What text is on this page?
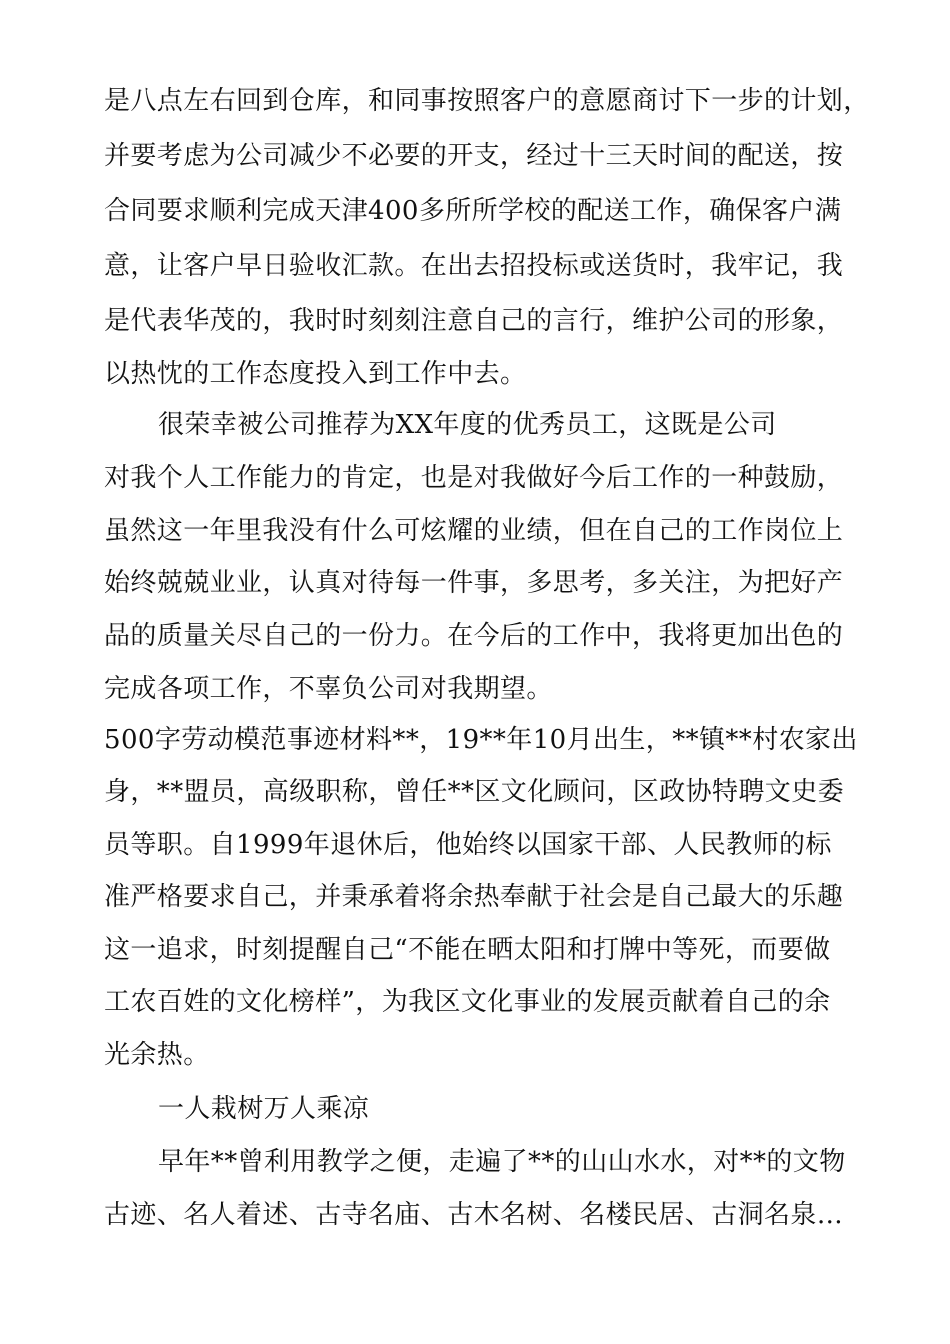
是八点左右回到仓库，和同事按照客户的意愿商讨下一步的计划，
并要考虑为公司减少不必要的开支，经过十三天时间的配送，按
合同要求顺利完成天津400多所所学校的配送工作，确保客户满
意，让客户早日验收汇款。在出去招投标或送货时，我牢记，我
是代表华茂的，我时时刻刻注意自己的言行，维护公司的形象，
以热忱的工作态度投入到工作中去。
很荣幸被公司推荐为XX年度的优秀员工，这既是公司
对我个人工作能力的肯定，也是对我做好今后工作的一种鼓励，
虽然这一年里我没有什么可炫耀的业绩，但在自己的工作岗位上
始终兢兢业业，认真对待每一件事，多思考，多关注，为把好产
品的质量关尽自己的一份力。在今后的工作中，我将更加出色的
完成各项工作，不辜负公司对我期望。
500字劳动模范事迹材料**，19**年10月出生，**镇**村农家出
身，**盟员，高级职称，曾任**区文化顾问，区政协特聘文史委
员等职。自1999年退休后，他始终以国家干部、人民教师的标
准严格要求自己，并秉承着将余热奉献于社会是自己最大的乐趣
这一追求，时刻提醒自己“不能在晒太阳和打牌中等死，而要做
工农百姓的文化榜样”，为我区文化事业的发展贡献着自己的余
光余热。
一人栽树万人乘凉
早年**曾利用教学之便，走遍了**的山山水水，对**的文物
古迹、名人着述、古寺名庙、古木名树、名楼民居、古洞名泉…
